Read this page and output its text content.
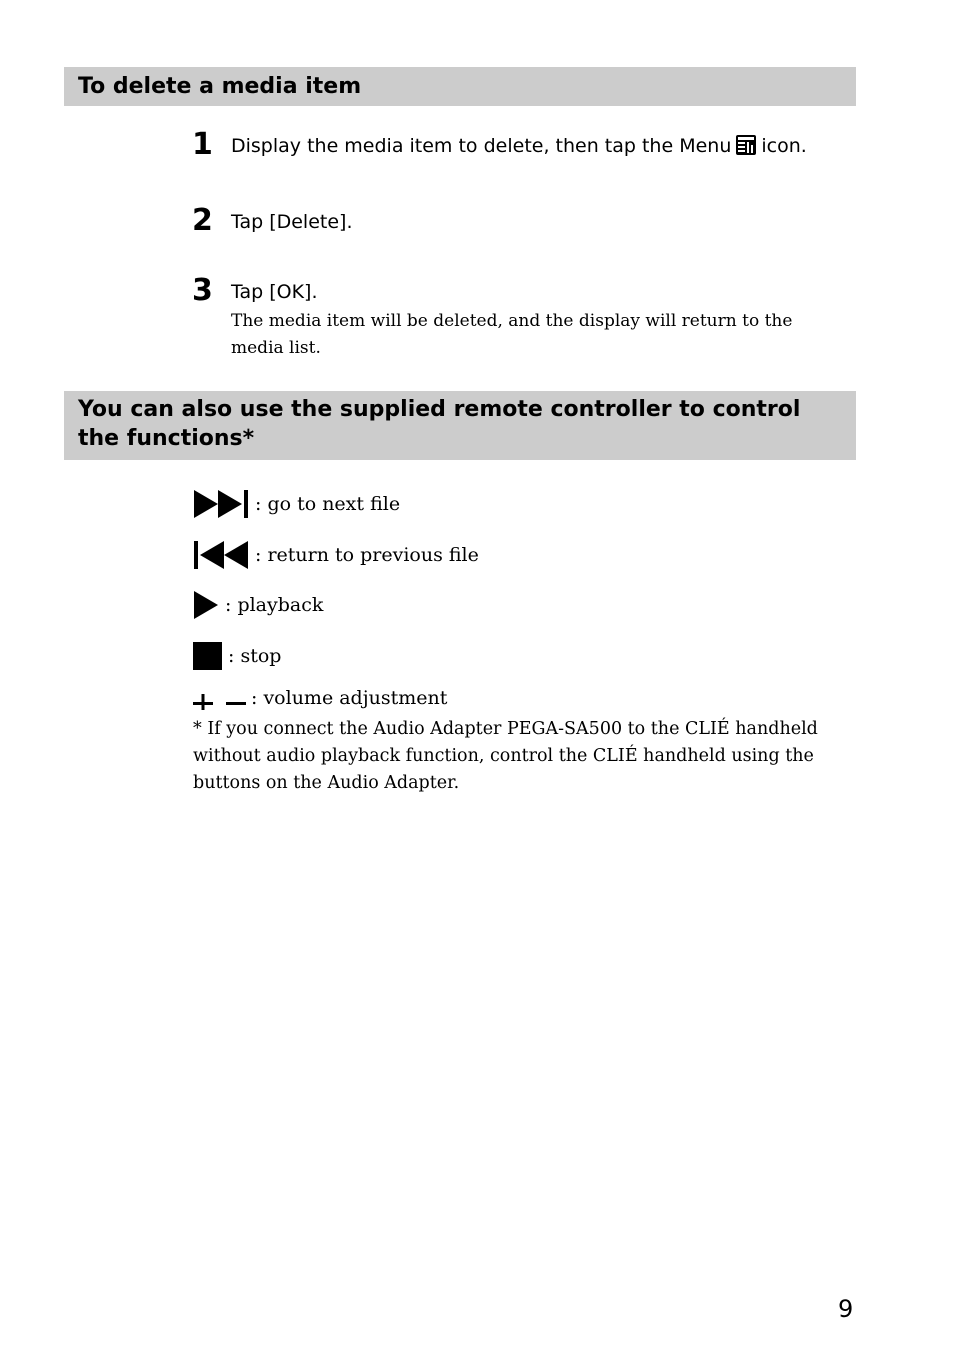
To delete a media item
1 Display the media item to delete, then tap the Menu icon.
2 Tap [Delete].
3 Tap [OK].
The media item will be deleted, and the display will return to the media list.
You can also use the supplied remote controller to control the functions*
: go to next file
: return to previous file
: playback
: stop
: volume adjustment
* If you connect the Audio Adapter PEGA-SA500 to the CLIÉ handheld without audio playback function, control the CLIÉ handheld using the buttons on the Audio Adapter.
9
